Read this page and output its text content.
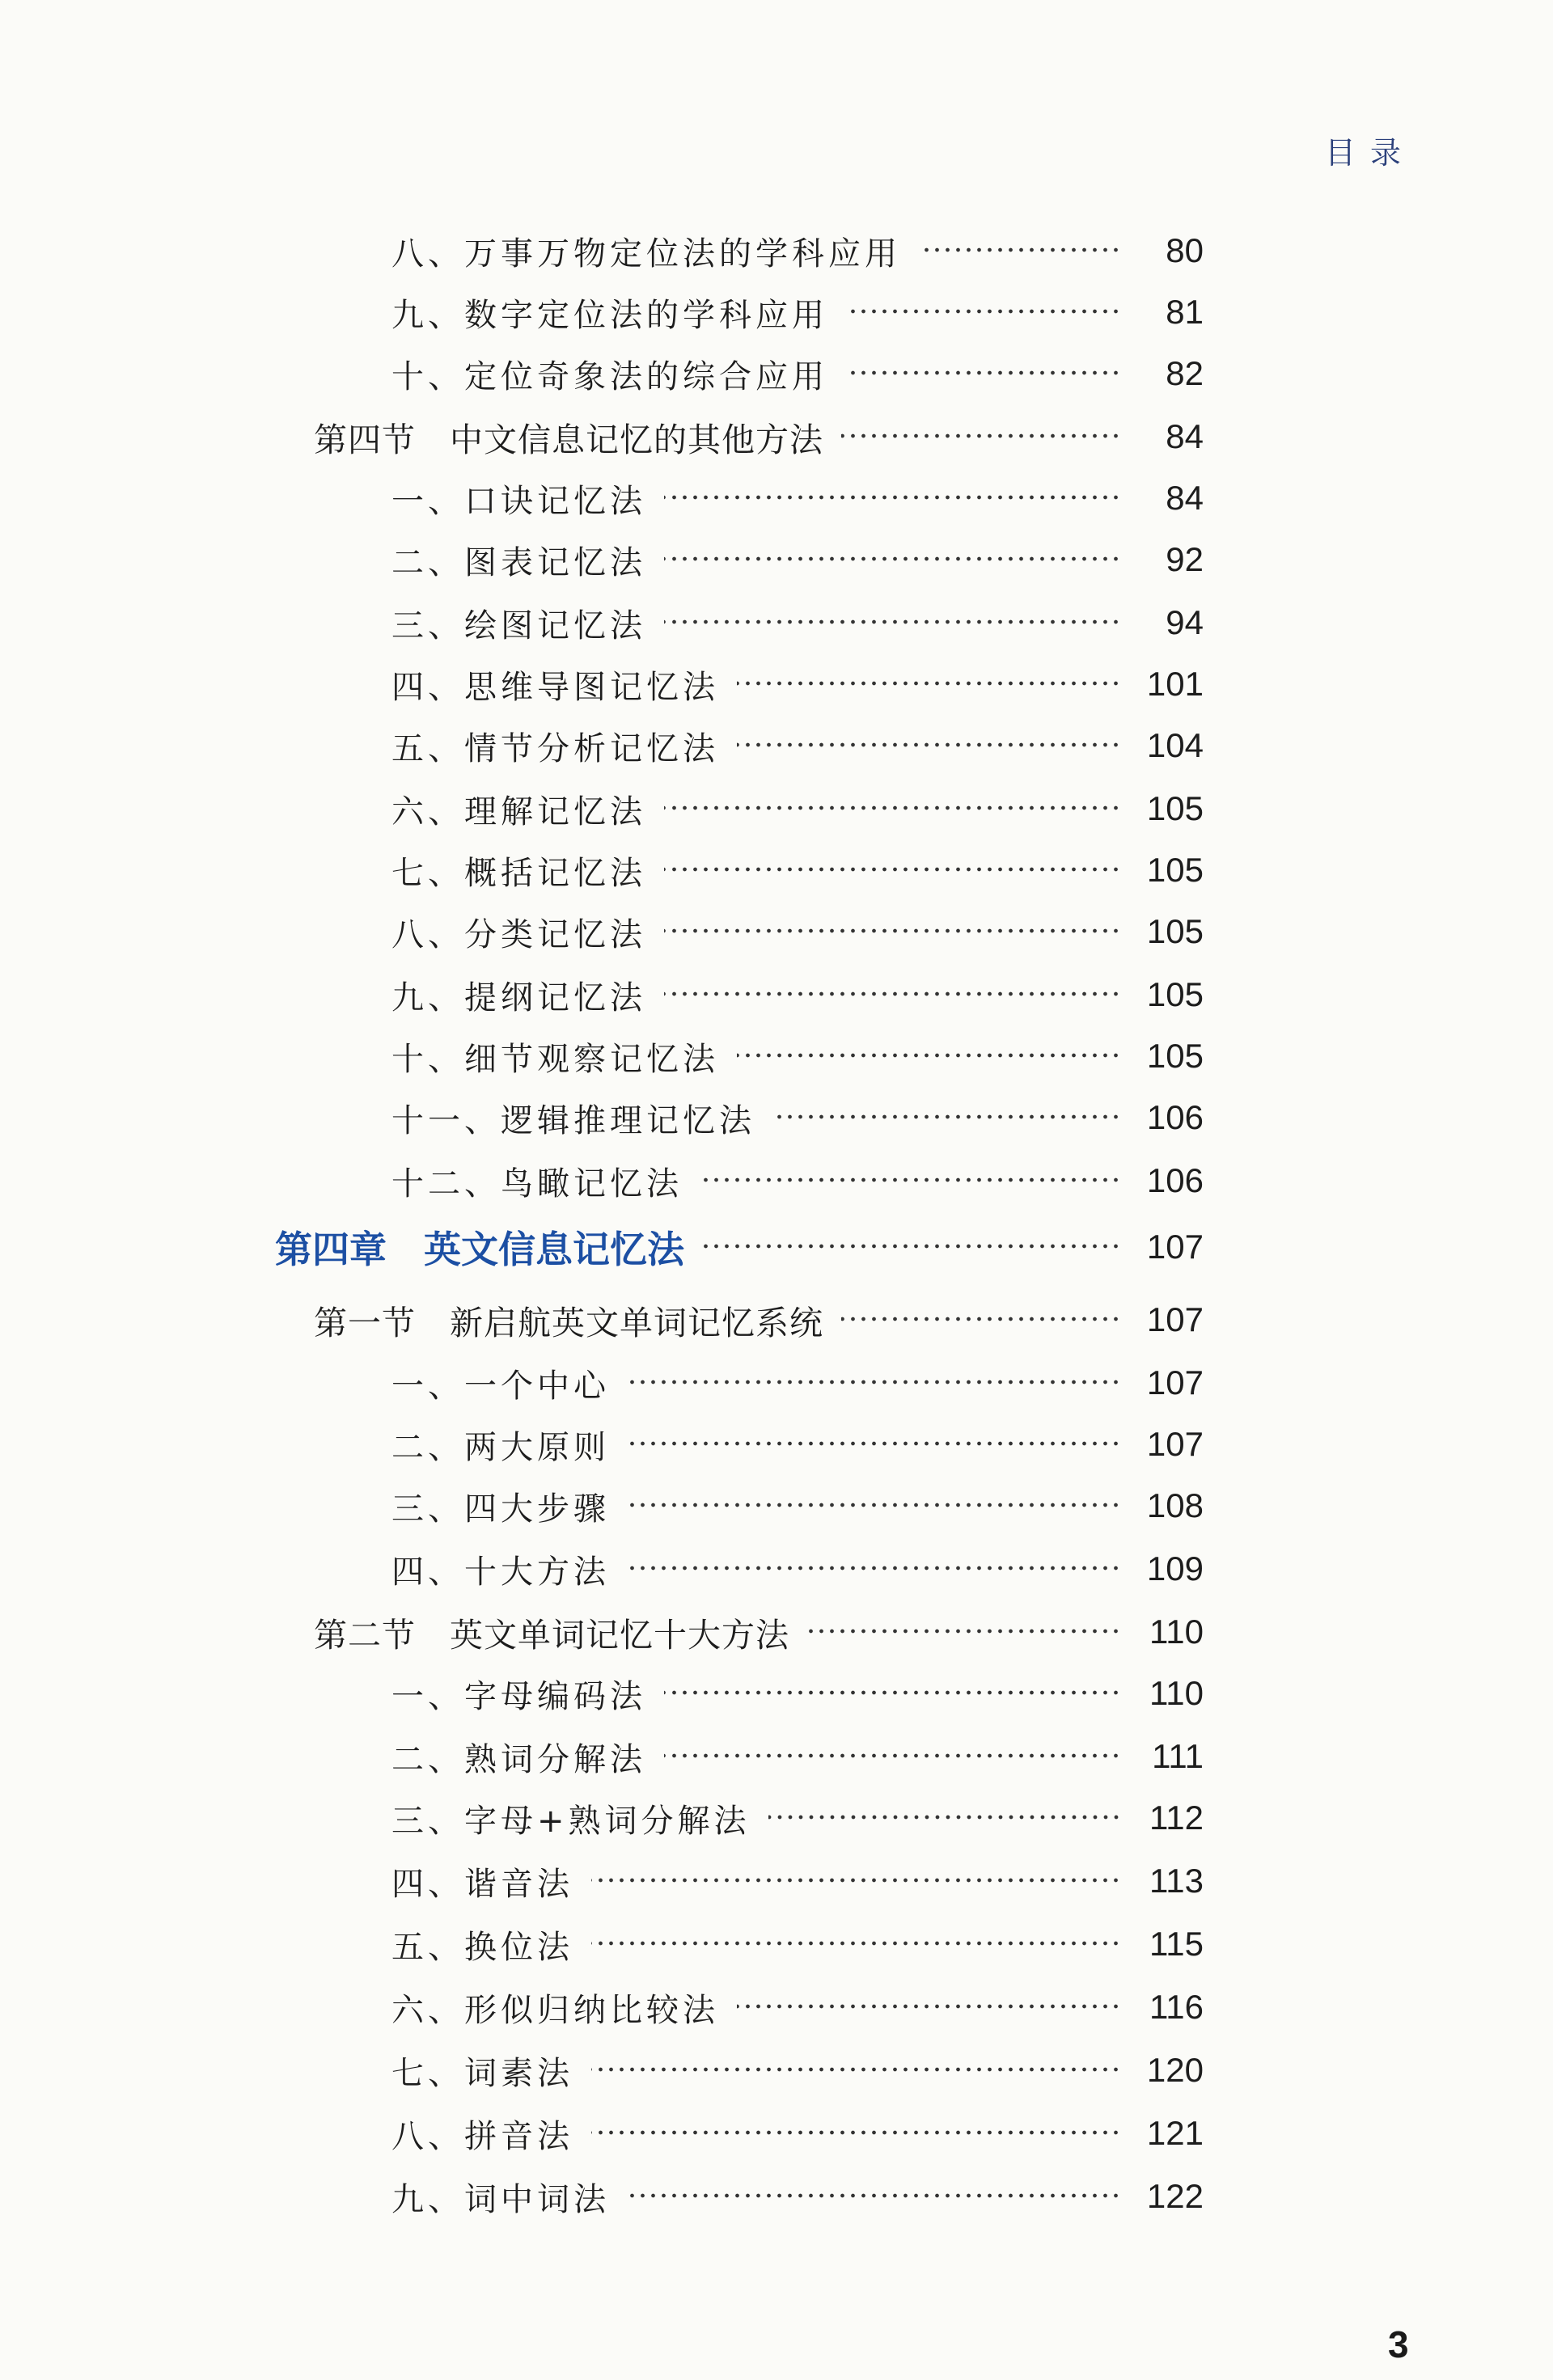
目录
八、万事万物定位法的学科应用	80
九、数字定位法的学科应用	81
十、定位奇象法的综合应用	82
第四节　中文信息记忆的其他方法	84
一、口诀记忆法	84
二、图表记忆法	92
三、绘图记忆法	94
四、思维导图记忆法	101
五、情节分析记忆法	104
六、理解记忆法	105
七、概括记忆法	105
八、分类记忆法	105
九、提纲记忆法	105
十、细节观察记忆法	105
十一、逻辑推理记忆法	106
十二、鸟瞰记忆法	106
第四章　英文信息记忆法	107
第一节　新启航英文单词记忆系统	107
一、一个中心	107
二、两大原则	107
三、四大步骤	108
四、十大方法	109
第二节　英文单词记忆十大方法	110
一、字母编码法	110
二、熟词分解法	111
三、字母+熟词分解法	112
四、谐音法	113
五、换位法	115
六、形似归纳比较法	116
七、词素法	120
八、拼音法	121
九、词中词法	122
3
